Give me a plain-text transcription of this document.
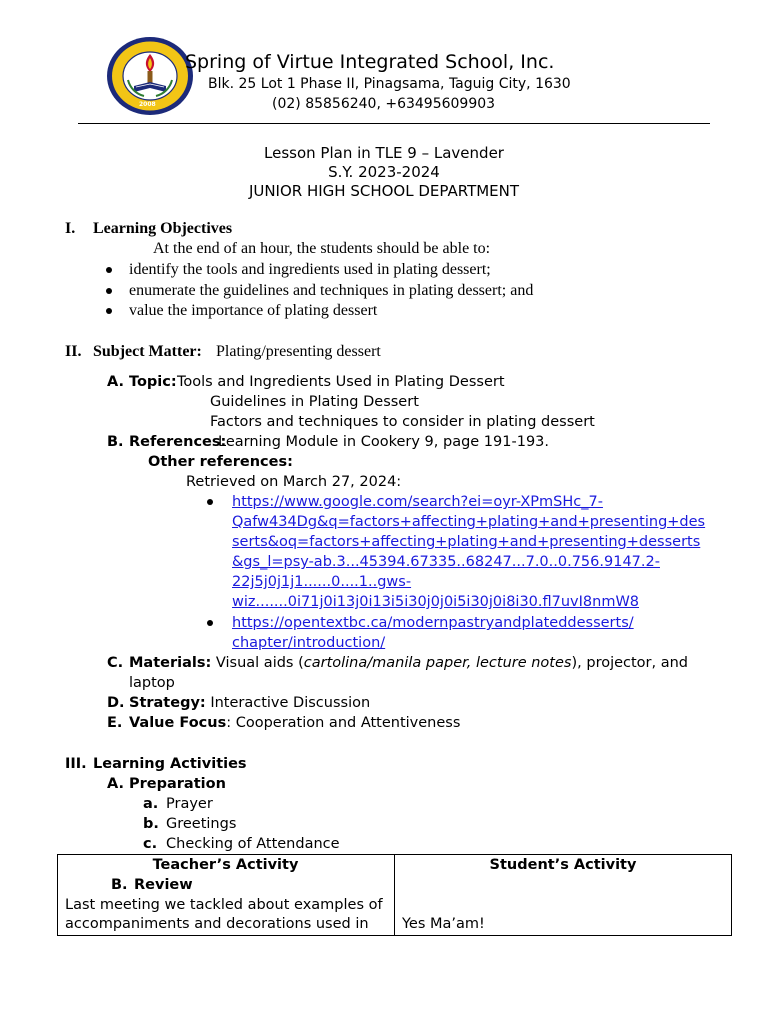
2008
Spring of Virtue Integrated School, Inc.
Blk. 25 Lot 1 Phase II, Pinagsama, Taguig City, 1630
(02) 85856240, +63495609903
Lesson Plan in TLE 9 – Lavender
S.Y. 2023-2024
JUNIOR HIGH SCHOOL DEPARTMENT
I. Learning Objectives
At the end of an hour, the students should be able to:
identify the tools and ingredients used in plating dessert;
enumerate the guidelines and techniques in plating dessert; and
value the importance of plating dessert
II. Subject Matter: Plating/presenting dessert
A. Topic: Tools and Ingredients Used in Plating Dessert
Guidelines in Plating Dessert
Factors and techniques to consider in plating dessert
B. References:
Learning Module in Cookery 9, page 191-193.
Other references:
Retrieved on March 27, 2024:
https://www.google.com/search?ei=oyr-XPmSHc_7-
Qafw434Dg&q=factors+affecting+plating+and+presenting+des
serts&oq=factors+affecting+plating+and+presenting+desserts
&gs_l=psy-ab.3...45394.67335..68247...7.0..0.756.9147.2-
22j5j0j1j1......0....1..gws-
wiz.......0i71j0i13j0i13i5i30j0j0i5i30j0i8i30.fl7uvI8nmW8
https://opentextbc.ca/modernpastryandplateddesserts/
chapter/introduction/
C. Materials: Visual aids (cartolina/manila paper, lecture notes), projector, and
laptop
D. Strategy: Interactive Discussion
E. Value Focus: Cooperation and Attentiveness
III. Learning Activities
A. Preparation
a. Prayer
b. Greetings
c. Checking of Attendance
Teacher’s Activity	Student’s Activity
B. Review
Last meeting we tackled about examples of
accompaniments and decorations used in Yes Ma’am!
